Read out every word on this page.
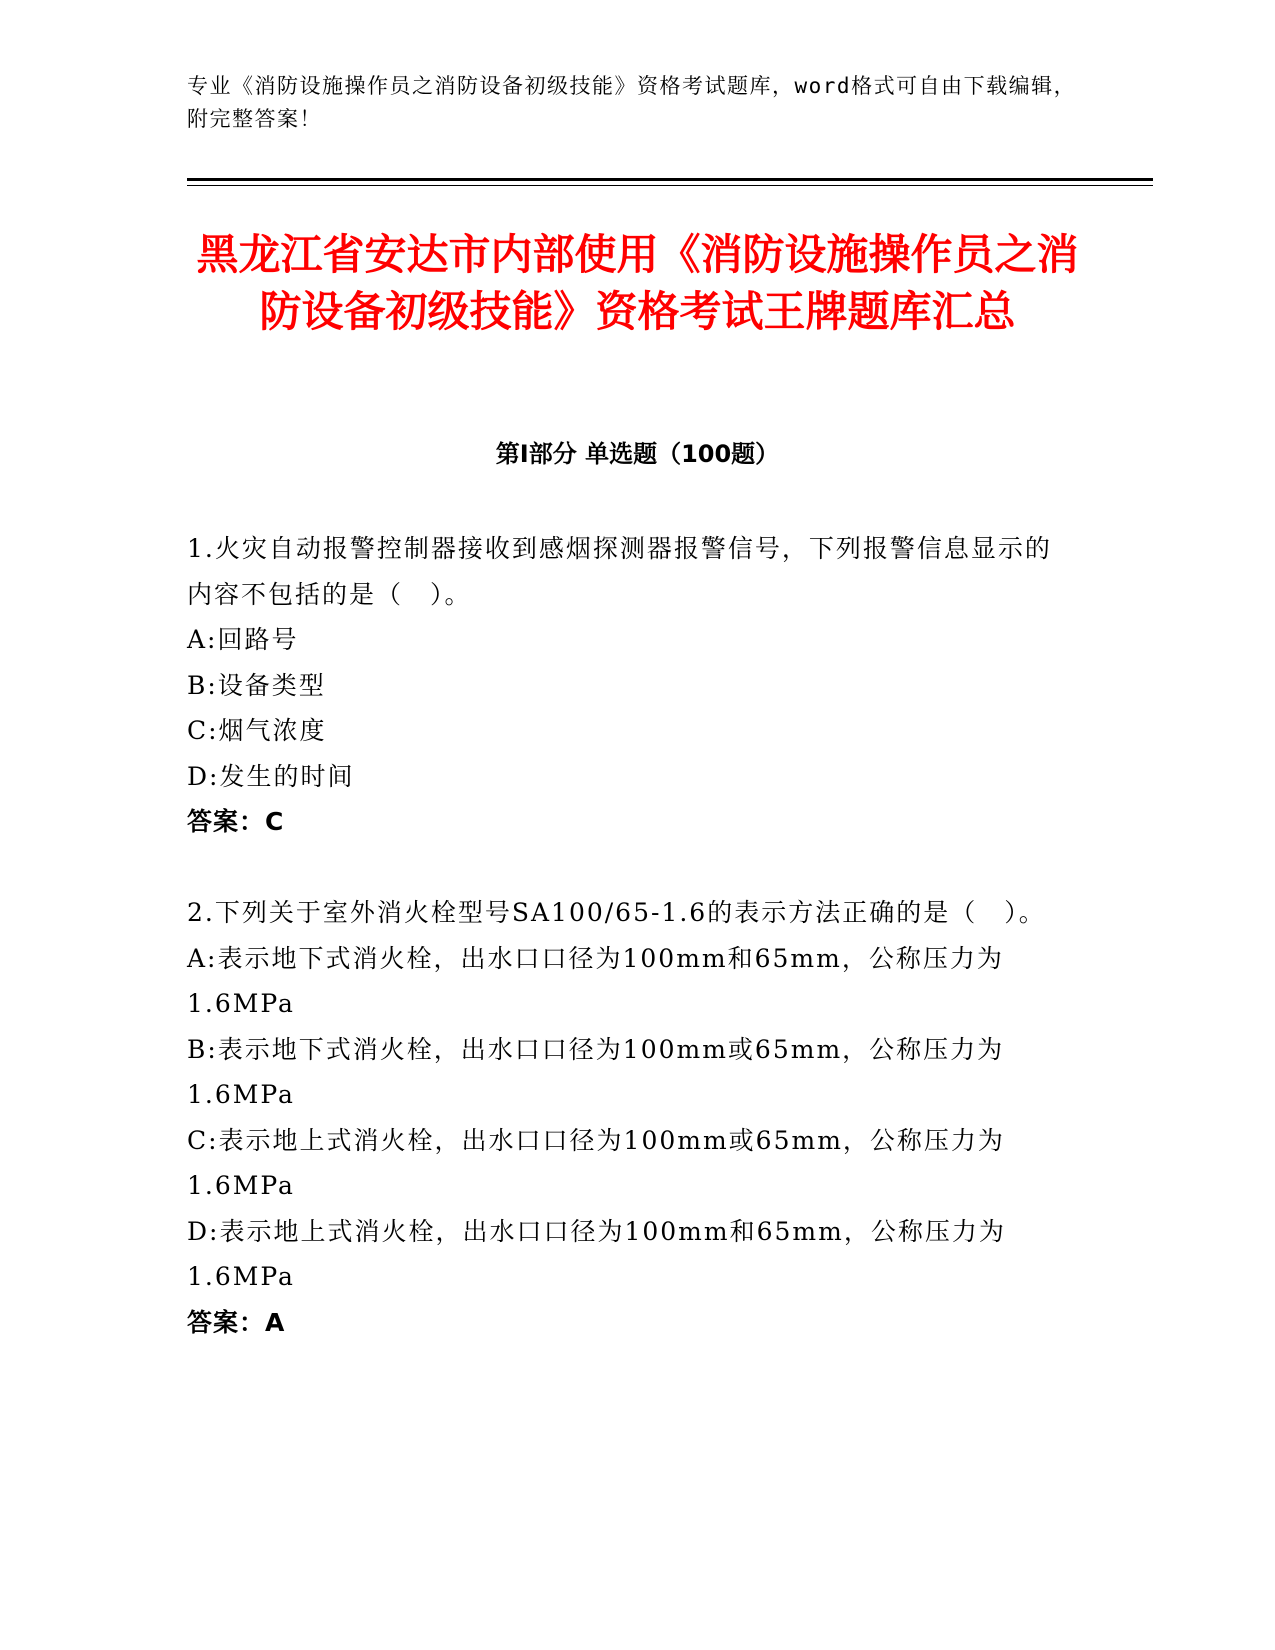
专业《消防设施操作员之消防设备初级技能》资格考试题库，word格式可自由下载编辑，附完整答案！
黑龙江省安达市内部使用《消防设施操作员之消防设备初级技能》资格考试王牌题库汇总
第Ⅰ部分 单选题（100题）

1.火灾自动报警控制器接收到感烟探测器报警信号，下列报警信息显示的内容不包括的是（　）。

A:回路号

B:设备类型

C:烟气浓度

D:发生的时间

答案：C

2.下列关于室外消火栓型号SA100/65-1.6的表示方法正确的是（　）。

A:表示地下式消火栓，出水口口径为100mm和65mm，公称压力为1.6MPa

B:表示地下式消火栓，出水口口径为100mm或65mm，公称压力为1.6MPa

C:表示地上式消火栓，出水口口径为100mm或65mm，公称压力为1.6MPa

D:表示地上式消火栓，出水口口径为100mm和65mm，公称压力为1.6MPa

答案：A
